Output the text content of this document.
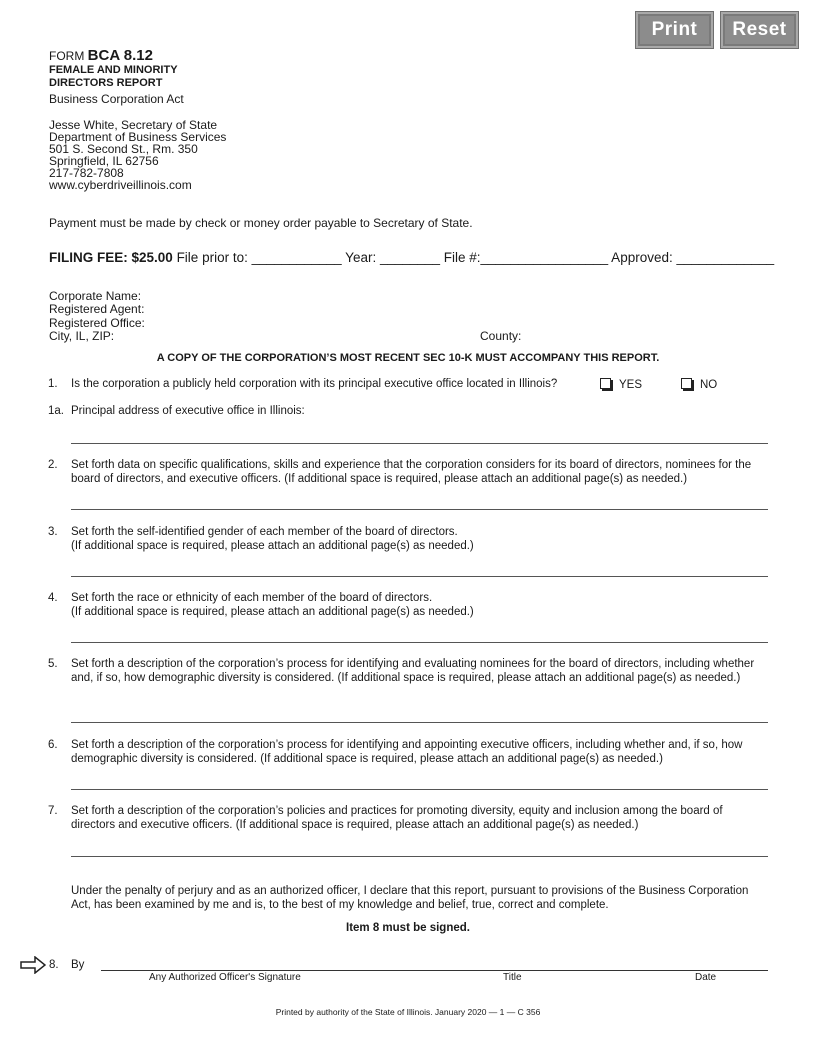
Print	Reset
FORM BCA 8.12
FEMALE AND MINORITY
DIRECTORS REPORT
Business Corporation Act
Jesse White, Secretary of State
Department of Business Services
501 S. Second St., Rm. 350
Springfield, IL 62756
217-782-7808
www.cyberdriveillinois.com
Payment must be made by check or money order payable to Secretary of State.
FILING FEE: $25.00 File prior to: ____________ Year: ________ File #:_________________ Approved: _____________
Corporate Name:
Registered Agent:
Registered Office:
City, IL, ZIP:	County:
A COPY OF THE CORPORATION’S MOST RECENT SEC 10-K MUST ACCOMPANY THIS REPORT.
1. Is the corporation a publicly held corporation with its principal executive office located in Illinois?	YES	NO
1a. Principal address of executive office in Illinois:
2. Set forth data on specific qualifications, skills and experience that the corporation considers for its board of directors, nominees for the board of directors, and executive officers. (If additional space is required, please attach an additional page(s) as needed.)
3. Set forth the self-identified gender of each member of the board of directors.
(If additional space is required, please attach an additional page(s) as needed.)
4. Set forth the race or ethnicity of each member of the board of directors.
(If additional space is required, please attach an additional page(s) as needed.)
5. Set forth a description of the corporation’s process for identifying and evaluating nominees for the board of directors, including whether and, if so, how demographic diversity is considered. (If additional space is required, please attach an additional page(s) as needed.)
6. Set forth a description of the corporation’s process for identifying and appointing executive officers, including whether and, if so, how demographic diversity is considered. (If additional space is required, please attach an additional page(s) as needed.)
7. Set forth a description of the corporation’s policies and practices for promoting diversity, equity and inclusion among the board of directors and executive officers. (If additional space is required, please attach an additional page(s) as needed.)
Under the penalty of perjury and as an authorized officer, I declare that this report, pursuant to provisions of the Business Corporation Act, has been examined by me and is, to the best of my knowledge and belief, true, correct and complete.
Item 8 must be signed.
8. By
Any Authorized Officer's Signature	Title	Date
Printed by authority of the State of Illinois. January 2020 — 1 — C 356
